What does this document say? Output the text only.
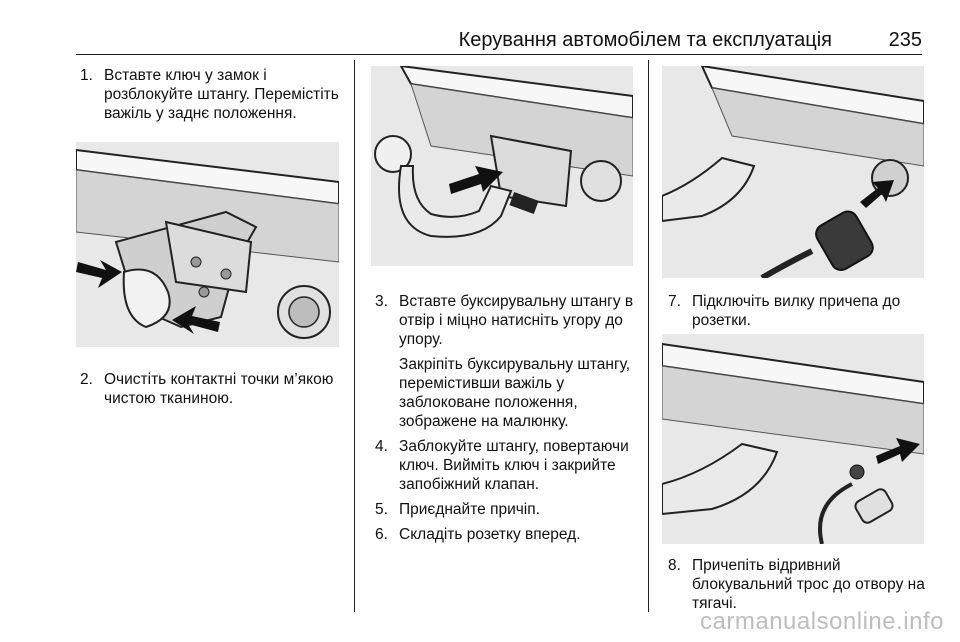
Керування автомобілем та експлуатація	235
1. Вставте ключ у замок і розблокуйте штангу. Перемістіть важіль у заднє положення.

2. Очистіть контактні точки м’якою чистою тканиною.

3. Вставте буксирувальну штангу в отвір і міцно натисніть угору до упору.

Закріпіть буксирувальну штангу, перемістивши важіль у заблоковане положення, зображене на малюнку.

4. Заблокуйте штангу, повертаючи ключ. Вийміть ключ і закрийте запобіжний клапан.

5. Приєднайте причіп.

6. Складіть розетку вперед.

7. Підключіть вилку причепа до розетки.

8. Причепіть відривний блокувальний трос до отвору на тягачі.

carmanualsonline.info
